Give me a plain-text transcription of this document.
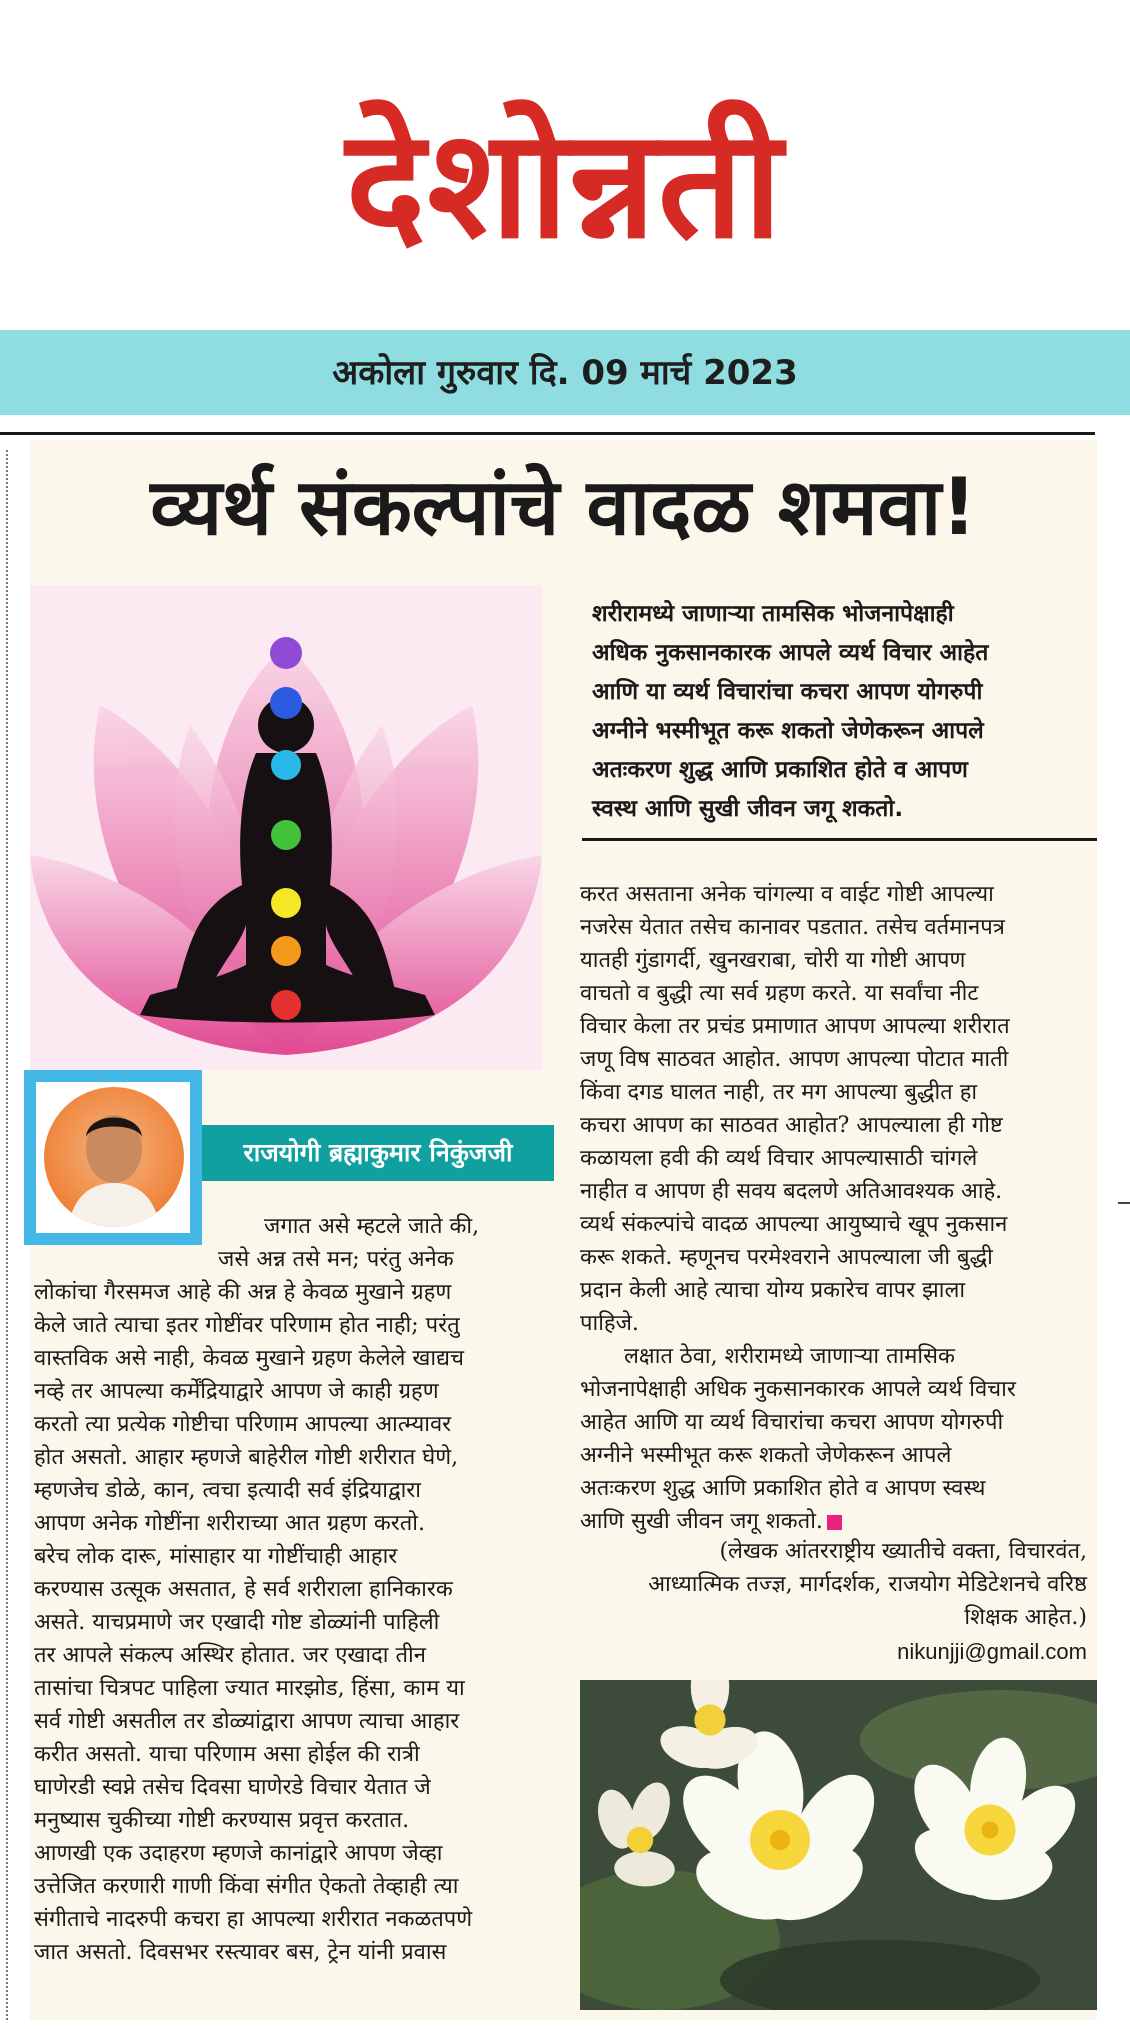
देशोन्नती
अकोला गुरुवार दि. 09 मार्च 2023
व्यर्थ संकल्पांचे वादळ शमवा!
शरीरामध्ये जाणाऱ्या तामसिक भोजनापेक्षाही
अधिक नुकसानकारक आपले व्यर्थ विचार आहेत
आणि या व्यर्थ विचारांचा कचरा आपण योगरुपी
अग्नीने भस्मीभूत करू शकतो जेणेकरून आपले
अतःकरण शुद्ध आणि प्रकाशित होते व आपण
स्वस्थ आणि सुखी जीवन जगू शकतो.
राजयोगी ब्रह्माकुमार निकुंजजी
जगात असे म्हटले जाते की,
जसे अन्न तसे मन; परंतु अनेक
लोकांचा गैरसमज आहे की अन्न हे केवळ मुखाने ग्रहण
केले जाते त्याचा इतर गोष्टींवर परिणाम होत नाही; परंतु
वास्तविक असे नाही, केवळ मुखाने ग्रहण केलेले खाद्यच
नव्हे तर आपल्या कर्मेंद्रियाद्वारे आपण जे काही ग्रहण
करतो त्या प्रत्येक गोष्टीचा परिणाम आपल्या आत्म्यावर
होत असतो. आहार म्हणजे बाहेरील गोष्टी शरीरात घेणे,
म्हणजेच डोळे, कान, त्वचा इत्यादी सर्व इंद्रियाद्वारा
आपण अनेक गोष्टींना शरीराच्या आत ग्रहण करतो.
बरेच लोक दारू, मांसाहार या गोष्टींचाही आहार
करण्यास उत्सूक असतात, हे सर्व शरीराला हानिकारक
असते. याचप्रमाणे जर एखादी गोष्ट डोळ्यांनी पाहिली
तर आपले संकल्प अस्थिर होतात. जर एखादा तीन
तासांचा चित्रपट पाहिला ज्यात मारझोड, हिंसा, काम या
सर्व गोष्टी असतील तर डोळ्यांद्वारा आपण त्याचा आहार
करीत असतो. याचा परिणाम असा होईल की रात्री
घाणेरडी स्वप्ने तसेच दिवसा घाणेरडे विचार येतात जे
मनुष्यास चुकीच्या गोष्टी करण्यास प्रवृत्त करतात.
आणखी एक उदाहरण म्हणजे कानांद्वारे आपण जेव्हा
उत्तेजित करणारी गाणी किंवा संगीत ऐकतो तेव्हाही त्या
संगीताचे नादरुपी कचरा हा आपल्या शरीरात नकळतपणे
जात असतो. दिवसभर रस्त्यावर बस, ट्रेन यांनी प्रवास
करत असताना अनेक चांगल्या व वाईट गोष्टी आपल्या
नजरेस येतात तसेच कानावर पडतात. तसेच वर्तमानपत्र
यातही गुंडागर्दी, खुनखराबा, चोरी या गोष्टी आपण
वाचतो व बुद्धी त्या सर्व ग्रहण करते. या सर्वांचा नीट
विचार केला तर प्रचंड प्रमाणात आपण आपल्या शरीरात
जणू विष साठवत आहोत. आपण आपल्या पोटात माती
किंवा दगड घालत नाही, तर मग आपल्या बुद्धीत हा
कचरा आपण का साठवत आहोत? आपल्याला ही गोष्ट
कळायला हवी की व्यर्थ विचार आपल्यासाठी चांगले
नाहीत व आपण ही सवय बदलणे अतिआवश्यक आहे.
व्यर्थ संकल्पांचे वादळ आपल्या आयुष्याचे खूप नुकसान
करू शकते. म्हणूनच परमेश्वराने आपल्याला जी बुद्धी
प्रदान केली आहे त्याचा योग्य प्रकारेच वापर झाला
पाहिजे.
लक्षात ठेवा, शरीरामध्ये जाणाऱ्या तामसिक
भोजनापेक्षाही अधिक नुकसानकारक आपले व्यर्थ विचार
आहेत आणि या व्यर्थ विचारांचा कचरा आपण योगरुपी
अग्नीने भस्मीभूत करू शकतो जेणेकरून आपले
अतःकरण शुद्ध आणि प्रकाशित होते व आपण स्वस्थ
आणि सुखी जीवन जगू शकतो.
(लेखक आंतरराष्ट्रीय ख्यातीचे वक्ता, विचारवंत,
आध्यात्मिक तज्ज्ञ, मार्गदर्शक, राजयोग मेडिटेशनचे वरिष्ठ
शिक्षक आहेत.)
nikunjji@gmail.com
